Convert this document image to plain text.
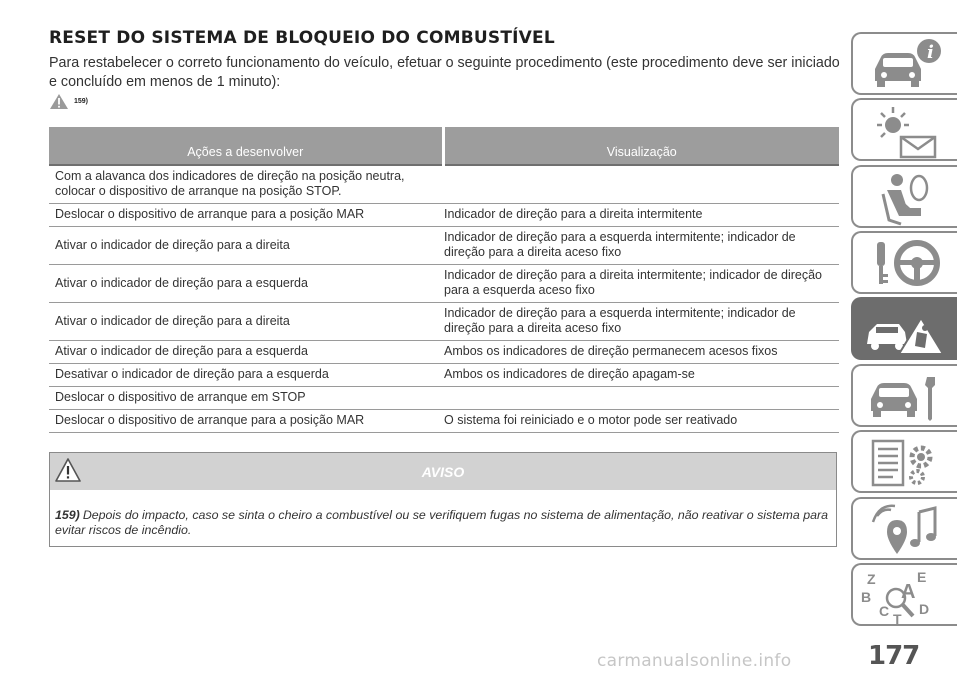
RESET DO SISTEMA DE BLOQUEIO DO COMBUSTÍVEL

Para restabelecer o correto funcionamento do veículo, efetuar o seguinte procedimento (este procedimento deve ser iniciado e concluído em menos de 1 minuto):

159)
Ações a desenvolver	Visualização
Com a alavanca dos indicadores de direção na posição neutra, colocar o dispositivo de arranque na posição STOP.	
Deslocar o dispositivo de arranque para a posição MAR	Indicador de direção para a direita intermitente
Ativar o indicador de direção para a direita	Indicador de direção para a esquerda intermitente; indicador de direção para a direita aceso fixo
Ativar o indicador de direção para a esquerda	Indicador de direção para a direita intermitente; indicador de direção para a esquerda aceso fixo
Ativar o indicador de direção para a direita	Indicador de direção para a esquerda intermitente; indicador de direção para a direita aceso fixo
Ativar o indicador de direção para a esquerda	Ambos os indicadores de direção permanecem acesos fixos
Desativar o indicador de direção para a esquerda	Ambos os indicadores de direção apagam-se
Deslocar o dispositivo de arranque em STOP	
Deslocar o dispositivo de arranque para a posição MAR	O sistema foi reiniciado e o motor pode ser reativado
AVISO

159) Depois do impacto, caso se sinta o cheiro a combustível ou se verifiquem fugas no sistema de alimentação, não reativar o sistema para evitar riscos de incêndio.

i
Z	E
B A
C D
T
177
carmanualsonline.info
